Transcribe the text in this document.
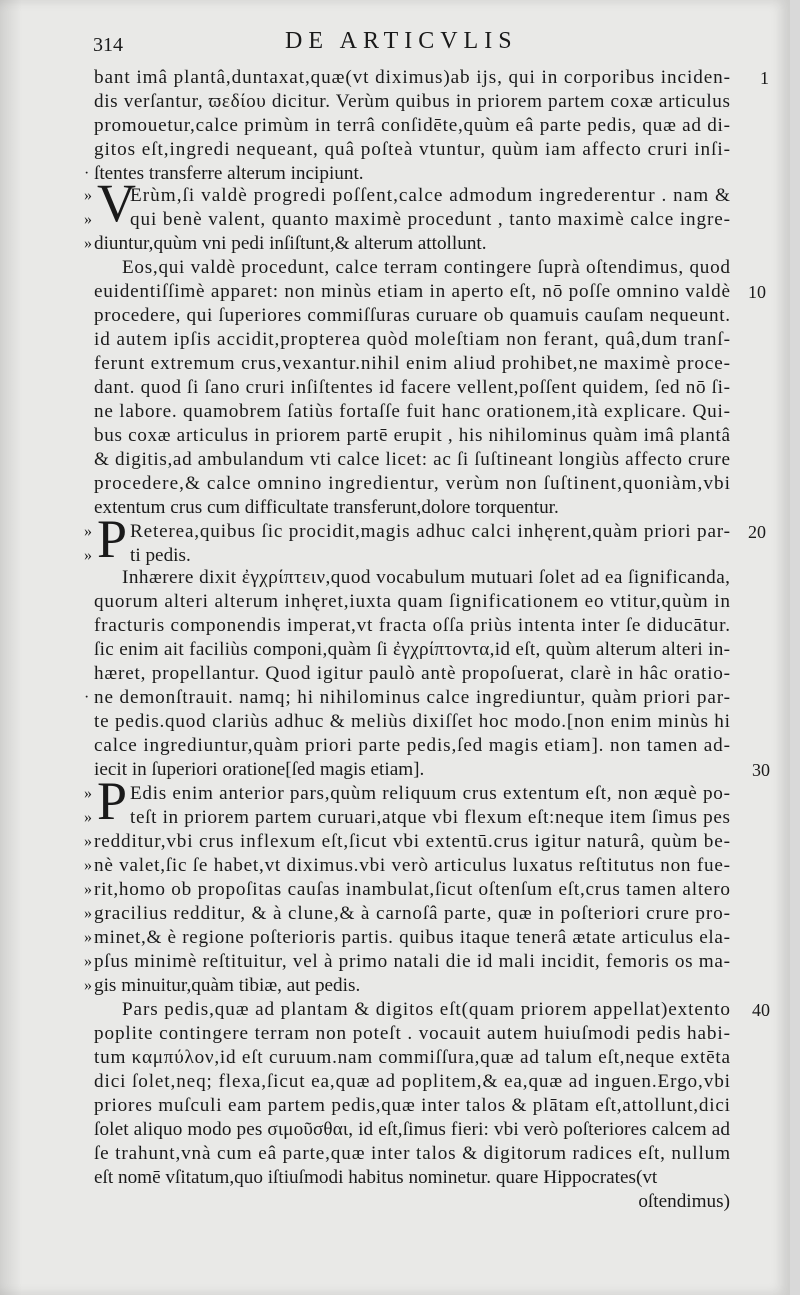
314	DE ARTICVLIS
bant imâ plantâ,duntaxat,quæ(vt diximus)ab ijs, qui in corporibus inciden-
dis verſantur, ϖεδίου dicitur. Verùm quibus in priorem partem coxæ articulus
promouetur,calce primùm in terrâ conſidēte,quùm eâ parte pedis, quæ ad di-
gitos eſt,ingredi nequeant, quâ poſteà vtuntur, quùm iam affecto cruri inſi-
ſtentes transferre alterum incipiunt.
Erùm,ſi valdè progredi poſſent,calce admodum ingrederentur . nam &
qui benè valent, quanto maximè procedunt , tanto maximè calce ingre-
diuntur,quùm vni pedi inſiſtunt,& alterum attollunt.
Eos,qui valdè procedunt, calce terram contingere ſuprà oſtendimus, quod
euidentiſſimè apparet: non minùs etiam in aperto eſt, nō poſſe omnino valdè
procedere, qui ſuperiores commiſſuras curuare ob quamuis cauſam nequeunt.
id autem ipſis accidit,propterea quòd moleſtiam non ferant, quâ,dum tranſ-
ferunt extremum crus,vexantur.nihil enim aliud prohibet,ne maximè proce-
dant. quod ſi ſano cruri inſiſtentes id facere vellent,poſſent quidem, ſed nō ſi-
ne labore. quamobrem ſatiùs fortaſſe fuit hanc orationem,ità explicare. Qui-
bus coxæ articulus in priorem partē erupit , his nihilominus quàm imâ plantâ
& digitis,ad ambulandum vti calce licet: ac ſi ſuſtineant longiùs affecto crure
procedere,& calce omnino ingredientur, verùm non ſuſtinent,quoniàm,vbi
extentum crus cum difficultate transferunt,dolore torquentur.
Reterea,quibus ſic procidit,magis adhuc calci inhęrent,quàm priori par-
ti pedis.
Inhærere dixit ἐγχρίπτειν,quod vocabulum mutuari ſolet ad ea ſignificanda,
quorum alteri alterum inhęret,iuxta quam ſignificationem eo vtitur,quùm in
fracturis componendis imperat,vt fracta oſſa priùs intenta inter ſe diducātur.
ſic enim ait faciliùs componi,quàm ſi ἐγχρίπτοντα,id eſt, quùm alterum alteri in-
hæret, propellantur. Quod igitur paulò antè propoſuerat, clarè in hâc oratio-
ne demonſtrauit. namq; hi nihilominus calce ingrediuntur, quàm priori par-
te pedis.quod clariùs adhuc & meliùs dixiſſet hoc modo.[non enim minùs hi
calce ingrediuntur,quàm priori parte pedis,ſed magis etiam]. non tamen ad-
iecit in ſuperiori oratione[ſed magis etiam].
Edis enim anterior pars,quùm reliquum crus extentum eſt, non æquè po-
teſt in priorem partem curuari,atque vbi flexum eſt:neque item ſimus pes
redditur,vbi crus inflexum eſt,ſicut vbi extentū.crus igitur naturâ, quùm be-
nè valet,ſic ſe habet,vt diximus.vbi verò articulus luxatus reſtitutus non fue-
rit,homo ob propoſitas cauſas inambulat,ſicut oſtenſum eſt,crus tamen altero
gracilius redditur, & à clune,& à carnoſâ parte, quæ in poſteriori crure pro-
minet,& è regione poſterioris partis. quibus itaque tenerâ ætate articulus ela-
pſus minimè reſtituitur, vel à primo natali die id mali incidit, femoris os ma-
gis minuitur,quàm tibiæ, aut pedis.
Pars pedis,quæ ad plantam & digitos eſt(quam priorem appellat)extento
poplite contingere terram non poteſt . vocauit autem huiuſmodi pedis habi-
tum καμπύλον,id eſt curuum.nam commiſſura,quæ ad talum eſt,neque extēta
dici ſolet,neq; flexa,ſicut ea,quæ ad poplitem,& ea,quæ ad inguen.Ergo,vbi
priores muſculi eam partem pedis,quæ inter talos & plātam eſt,attollunt,dici
ſolet aliquo modo pes σιμοῦσθαι, id eſt,ſimus fieri: vbi verò poſteriores calcem ad
ſe trahunt,vnà cum eâ parte,quæ inter talos & digitorum radices eſt, nullum
eſt nomē vſitatum,quo iſtiuſmodi habitus nominetur. quare Hippocrates(vt
»
»
»
»
»
»
»
»
»
»
»
»
»
»
·
·
1
10
20
30
40
V
P
P
oſtendimus)
